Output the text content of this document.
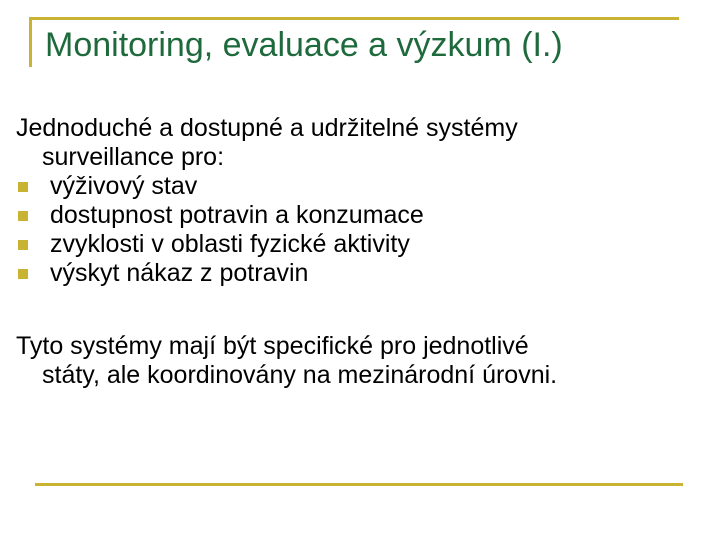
Monitoring, evaluace a výzkum (I.)

Jednoduché a dostupné a udržitelné systémy

surveillance pro:

výživový stav
dostupnost potravin a konzumace
zvyklosti v oblasti fyzické aktivity
výskyt nákaz z potravin

Tyto systémy mají být specifické pro jednotlivé

státy, ale koordinovány na mezinárodní úrovni.
